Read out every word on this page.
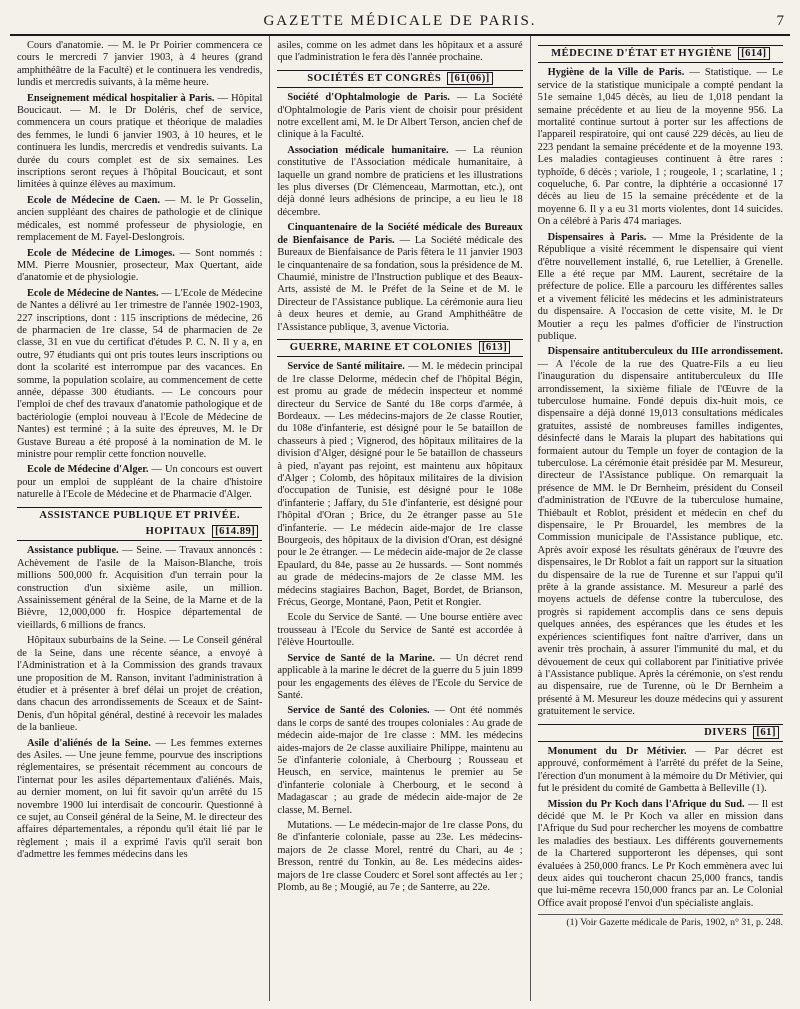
GAZETTE MÉDICALE DE PARIS.	7

Cours d'anatomie. — M. le Pr Poirier commencera ce cours le mercredi 7 janvier 1903, à 4 heures (grand amphithéâtre de la Faculté) et le continuera les vendredis, lundis et mercredis suivants, à la même heure.

Enseignement médical hospitalier à Paris. — Hôpital Boucicaut. — M. le Dr Doléris, chef de service, commencera un cours pratique et théorique de maladies des femmes, le lundi 6 janvier 1903, à 10 heures, et le continuera les lundis, mercredis et vendredis suivants. La durée du cours complet est de six semaines. Les inscriptions seront reçues à l'hôpital Boucicaut, et sont limitées à quinze élèves au maximum.

Ecole de Médecine de Caen. — M. le Pr Gosselin, ancien suppléant des chaires de pathologie et de clinique médicales, est nommé professeur de physiologie, en remplacement de M. Fayel-Deslongrois.

Ecole de Médecine de Limoges. — Sont nommés : MM. Pierre Mousnier, prosecteur, Max Quertant, aide d'anatomie et de physiologie.

Ecole de Médecine de Nantes. — L'Ecole de Médecine de Nantes a délivré au 1er trimestre de l'année 1902-1903, 227 inscriptions, dont : 115 inscriptions de médecine, 26 de pharmacien de 1re classe, 54 de pharmacien de 2e classe, 31 en vue du certificat d'études P. C. N. Il y a, en outre, 97 étudiants qui ont pris toutes leurs inscriptions ou dont la scolarité est interrompue par des vacances. En somme, la population scolaire, au commencement de cette année, dépasse 300 étudiants. — Le concours pour l'emploi de chef des travaux d'anatomie pathologique et de bactériologie (emploi nouveau à l'Ecole de Médecine de Nantes) est terminé ; à la suite des épreuves, M. le Dr Gustave Bureau a été proposé à la nomination de M. le ministre pour remplir cette fonction nouvelle.

Ecole de Médecine d'Alger. — Un concours est ouvert pour un emploi de suppléant de la chaire d'histoire naturelle à l'Ecole de Médecine et de Pharmacie d'Alger.

ASSISTANCE PUBLIQUE ET PRIVÉE.
HOPITAUX [614.89]

Assistance publique. — Seine. — Travaux annoncés : Achèvement de l'asile de la Maison-Blanche, trois millions 500,000 fr. Acquisition d'un terrain pour la construction d'un sixième asile, un million. Assainissement général de la Seine, de la Marne et de la Bièvre, 12,000,000 fr. Hospice départemental de vieillards, 6 millions de francs.

Hôpitaux suburbains de la Seine. — Le Conseil général de la Seine, dans une récente séance, a envoyé à l'Administration et à la Commission des grands travaux une proposition de M. Ranson, invitant l'administration à étudier et à présenter à bref délai un projet de création, dans chacun des arrondissements de Sceaux et de Saint-Denis, d'un hôpital général, destiné à recevoir les malades de la banlieue.

Asile d'aliénés de la Seine. — Les femmes externes des Asiles. — Une jeune femme, pourvue des inscriptions réglementaires, se présentait récemment au concours de l'internat pour les asiles départementaux d'aliénés. Mais, au dernier moment, on lui fit savoir qu'un arrêté du 15 novembre 1900 lui interdisait de concourir. Questionné à ce sujet, au Conseil général de la Seine, M. le directeur des affaires départementales, a répondu qu'il était lié par le règlement ; mais il a exprimé l'avis qu'il serait bon d'admettre les femmes médecins dans les

asiles, comme on les admet dans les hôpitaux et a assuré que l'administration le fera dès l'année prochaine.

SOCIÉTÉS ET CONGRÈS [61(06)]

Société d'Ophtalmologie de Paris. — La Société d'Ophtalmologie de Paris vient de choisir pour président notre excellent ami, M. le Dr Albert Terson, ancien chef de clinique à la Faculté.

Association médicale humanitaire. — La réunion constitutive de l'Association médicale humanitaire, à laquelle un grand nombre de praticiens et les illustrations les plus diverses (Dr Clémenceau, Marmottan, etc.), ont déjà donné leurs adhésions de principe, a eu lieu le 18 décembre.

Cinquantenaire de la Société médicale des Bureaux de Bienfaisance de Paris. — La Société médicale des Bureaux de Bienfaisance de Paris fêtera le 11 janvier 1903 le cinquantenaire de sa fondation, sous la présidence de M. Chaumié, ministre de l'Instruction publique et des Beaux-Arts, assisté de M. le Préfet de la Seine et de M. le Directeur de l'Assistance publique. La cérémonie aura lieu à deux heures et demie, au Grand Amphithéâtre de l'Assistance publique, 3, avenue Victoria.

GUERRE, MARINE ET COLONIES [613]

Service de Santé militaire. — M. le médecin principal de 1re classe Delorme, médecin chef de l'hôpital Bégin, est promu au grade de médecin inspecteur et nommé directeur du Service de Santé du 18e corps d'armée, à Bordeaux. — Les médecins-majors de 2e classe Routier, du 108e d'infanterie, est désigné pour le 5e bataillon de chasseurs à pied ; Vignerod, des hôpitaux militaires de la division d'Alger, désigné pour le 5e bataillon de chasseurs à pied, n'ayant pas rejoint, est maintenu aux hôpitaux d'Alger ; Colomb, des hôpitaux militaires de la division d'occupation de Tunisie, est désigné pour le 108e d'infanterie ; Jaffary, du 51e d'infanterie, est désigné pour l'hôpital d'Oran ; Brice, du 2e étranger passe au 51e d'infanterie. — Le médecin aide-major de 1re classe Bourgeois, des hôpitaux de la division d'Oran, est désigné pour le 2e étranger. — Le médecin aide-major de 2e classe Epaulard, du 84e, passe au 2e hussards. — Sont nommés au grade de médecins-majors de 2e classe MM. les médecins stagiaires Bachon, Baget, Bordet, de Brianson, Frécus, George, Montané, Paon, Petit et Rongier.

Ecole du Service de Santé. — Une bourse entière avec trousseau à l'Ecole du Service de Santé est accordée à l'élève Hourtoulle.

Service de Santé de la Marine. — Un décret rend applicable à la marine le décret de la guerre du 5 juin 1899 pour les engagements des élèves de l'Ecole du Service de Santé.

Service de Santé des Colonies. — Ont été nommés dans le corps de santé des troupes coloniales : Au grade de médecin aide-major de 1re classe : MM. les médecins aides-majors de 2e classe auxiliaire Philippe, maintenu au 5e d'infanterie coloniale, à Cherbourg ; Rousseau et Heusch, en service, maintenus le premier au 5e d'infanterie coloniale à Cherbourg, et le second à Madagascar ; au grade de médecin aide-major de 2e classe, M. Bernel.

Mutations. — Le médecin-major de 1re classe Pons, du 8e d'infanterie coloniale, passe au 23e. Les médecins-majors de 2e classe Morel, rentré du Chari, au 4e ; Bresson, rentré du Tonkin, au 8e. Les médecins aides-majors de 1re classe Couderc et Sorel sont affectés au 1er ; Plomb, au 8e ; Mougié, au 7e ; de Santerre, au 22e.

MÉDECINE D'ÉTAT ET HYGIÈNE [614]

Hygiène de la Ville de Paris. — Statistique. — Le service de la statistique municipale a compté pendant la 51e semaine 1,045 décès, au lieu de 1,018 pendant la semaine précédente et au lieu de la moyenne 956. La mortalité continue surtout à porter sur les affections de l'appareil respiratoire, qui ont causé 229 décès, au lieu de 223 pendant la semaine précédente et de la moyenne 193. Les maladies contagieuses continuent à être rares : typhoïde, 6 décès ; variole, 1 ; rougeole, 1 ; scarlatine, 1 ; coqueluche, 6. Par contre, la diphtérie a occasionné 17 décès au lieu de 15 la semaine précédente et de la moyenne 6. Il y a eu 31 morts violentes, dont 14 suicides. On a célébré à Paris 474 mariages.

Dispensaires à Paris. — Mme la Présidente de la République a visité récemment le dispensaire qui vient d'être nouvellement installé, 6, rue Letellier, à Grenelle. Elle a été reçue par MM. Laurent, secrétaire de la préfecture de police. Elle a parcouru les différentes salles et a vivement félicité les médecins et les administrateurs du dispensaire. A l'occasion de cette visite, M. le Dr Moutier a reçu les palmes d'officier de l'instruction publique.

Dispensaire antituberculeux du IIIe arrondissement. — A l'école de la rue des Quatre-Fils a eu lieu l'inauguration du dispensaire antituberculeux du IIIe arrondissement, la sixième filiale de l'Œuvre de la tuberculose humaine. Fondé depuis dix-huit mois, ce dispensaire a déjà donné 19,013 consultations médicales gratuites, assisté de nombreuses familles indigentes, désinfecté dans le Marais la plupart des habitations qui formaient autour du Temple un foyer de contagion de la tuberculose. La cérémonie était présidée par M. Mesureur, directeur de l'Assistance publique. On remarquait la présence de MM. le Dr Bernheim, président du Conseil d'administration de l'Œuvre de la tuberculose humaine, Thiébault et Roblot, président et médecin en chef du dispensaire, le Pr Brouardel, les membres de la Commission municipale de l'Assistance publique, etc. Après avoir exposé les résultats généraux de l'œuvre des dispensaires, le Dr Roblot a fait un rapport sur la situation du dispensaire de la rue de Turenne et sur l'appui qu'il prête à la grande assistance. M. Mesureur a parlé des moyens actuels de défense contre la tuberculose, des progrès si rapidement accomplis dans ce sens depuis quelques années, des espérances que les études et les expériences scientifiques font naître d'arriver, dans un avenir très prochain, à assurer l'immunité du mal, et du dévouement de ceux qui collaborent par l'initiative privée à l'Assistance publique. Après la cérémonie, on s'est rendu au dispensaire, rue de Turenne, où le Dr Bernheim a présenté à M. Mesureur les douze médecins qui y assurent gratuitement le service.

DIVERS [61]

Monument du Dr Métivier. — Par décret est approuvé, conformément à l'arrêté du préfet de la Seine, l'érection d'un monument à la mémoire du Dr Métivier, qui fut le président du comité de Gambetta à Belleville (1).

Mission du Pr Koch dans l'Afrique du Sud. — Il est décidé que M. le Pr Koch va aller en mission dans l'Afrique du Sud pour rechercher les moyens de combattre les maladies des bestiaux. Les différents gouvernements de la Chartered supporteront les dépenses, qui sont évaluées à 250,000 francs. Le Pr Koch emmènera avec lui deux aides qui toucheront chacun 25,000 francs, tandis que lui-même recevra 150,000 francs par an. Le Colonial Office avait proposé l'envoi d'un spécialiste anglais.

(1) Voir Gazette médicale de Paris, 1902, n° 31, p. 248.
